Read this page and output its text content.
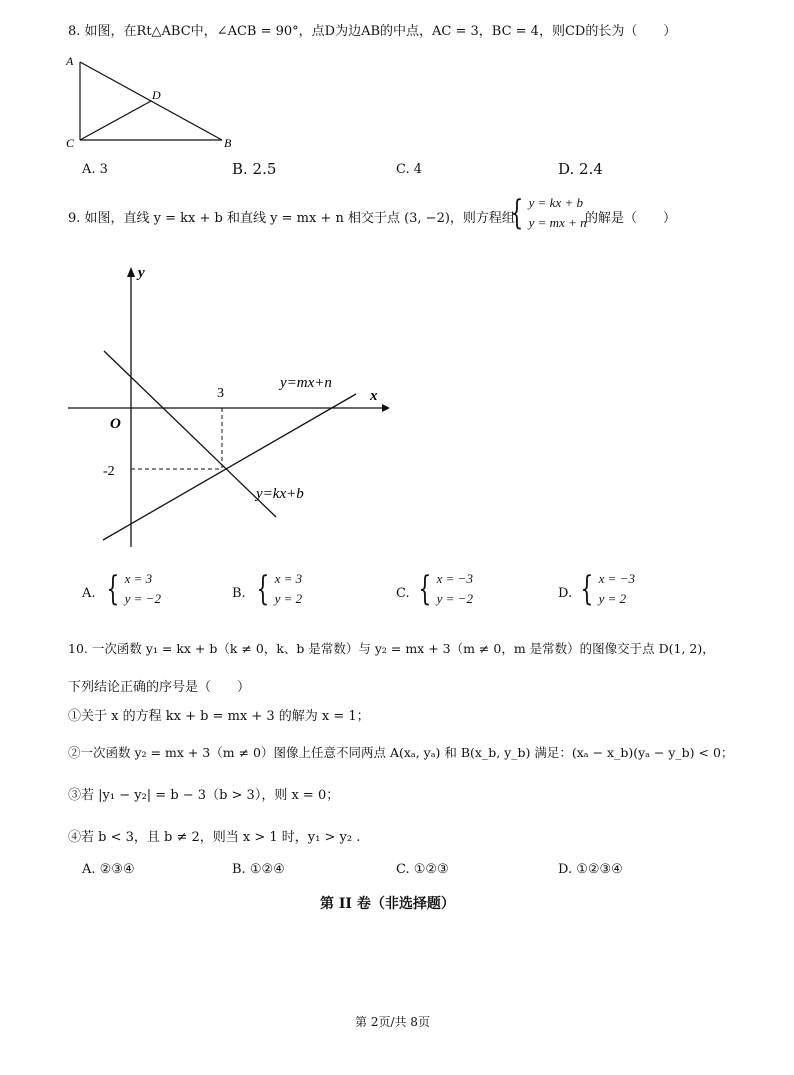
8. 如图，在Rt△ABC中，∠ACB = 90°，点D为边AB的中点，AC = 3，BC = 4，则CD的长为（　　）
A
C	B
D
A. 3	B. 2.5	C. 4	D. 2.4
9. 如图，直线 y = kx + b 和直线 y = mx + n 相交于点 (3, −2)，则方程组
{ y = kx + b
y = mx + n
的解是（　　）
y
x
O
3
-2
y=mx+n
y=kx+b
A. { x = 3
y = −2	B. { x = 3
y = 2	C. { x = −3
y = −2	D. { x = −3
y = 2
10. 一次函数 y₁ = kx + b（k ≠ 0，k、b 是常数）与 y₂ = mx + 3（m ≠ 0，m 是常数）的图像交于点 D(1, 2)，
下列结论正确的序号是（　　）
①关于 x 的方程 kx + b = mx + 3 的解为 x = 1；
②一次函数 y₂ = mx + 3（m ≠ 0）图像上任意不同两点 A(xₐ, yₐ) 和 B(x_b, y_b) 满足：(xₐ − x_b)(yₐ − y_b) < 0；
③若 |y₁ − y₂| = b − 3（b > 3），则 x = 0；
④若 b < 3，且 b ≠ 2，则当 x > 1 时，y₁ > y₂ .
A. ②③④	B. ①②④	C. ①②③	D. ①②③④
第 II 卷（非选择题）
第 2页/共 8页
